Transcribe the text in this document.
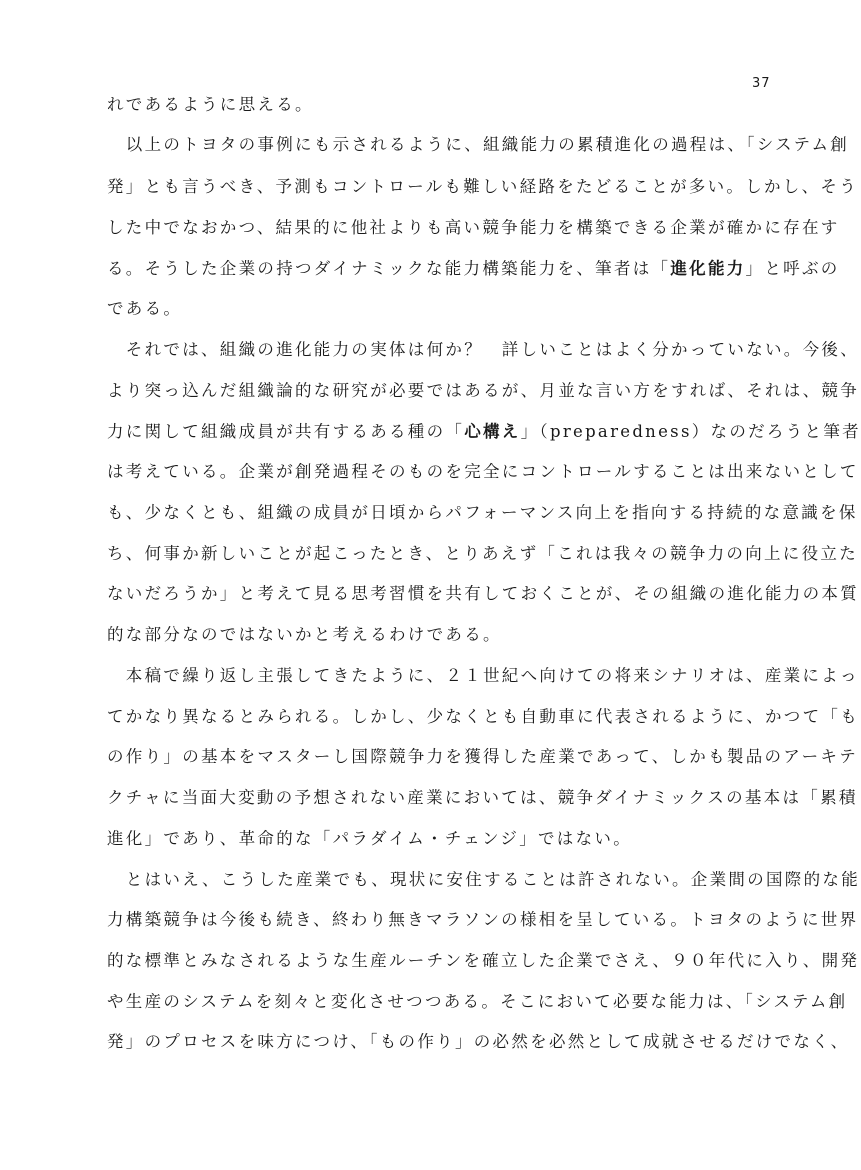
37
れであるように思える。
　以上のトヨタの事例にも示されるように、組織能力の累積進化の過程は、「システム創
発」とも言うべき、予測もコントロールも難しい経路をたどることが多い。しかし、そう
した中でなおかつ、結果的に他社よりも高い競争能力を構築できる企業が確かに存在す
る。そうした企業の持つダイナミックな能力構築能力を、筆者は「進化能力」と呼ぶの
である。
　それでは、組織の進化能力の実体は何か？　詳しいことはよく分かっていない。今後、
より突っ込んだ組織論的な研究が必要ではあるが、月並な言い方をすれば、それは、競争
力に関して組織成員が共有するある種の「心構え」（preparedness）なのだろうと筆者
は考えている。企業が創発過程そのものを完全にコントロールすることは出来ないとして
も、少なくとも、組織の成員が日頃からパフォーマンス向上を指向する持続的な意識を保
ち、何事か新しいことが起こったとき、とりあえず「これは我々の競争力の向上に役立た
ないだろうか」と考えて見る思考習慣を共有しておくことが、その組織の進化能力の本質
的な部分なのではないかと考えるわけである。
　本稿で繰り返し主張してきたように、２１世紀へ向けての将来シナリオは、産業によっ
てかなり異なるとみられる。しかし、少なくとも自動車に代表されるように、かつて「も
の作り」の基本をマスターし国際競争力を獲得した産業であって、しかも製品のアーキテ
クチャに当面大変動の予想されない産業においては、競争ダイナミックスの基本は「累積
進化」であり、革命的な「パラダイム・チェンジ」ではない。
　とはいえ、こうした産業でも、現状に安住することは許されない。企業間の国際的な能
力構築競争は今後も続き、終わり無きマラソンの様相を呈している。トヨタのように世界
的な標準とみなされるような生産ルーチンを確立した企業でさえ、９０年代に入り、開発
や生産のシステムを刻々と変化させつつある。そこにおいて必要な能力は、「システム創
発」のプロセスを味方につけ、「もの作り」の必然を必然として成就させるだけでなく、
